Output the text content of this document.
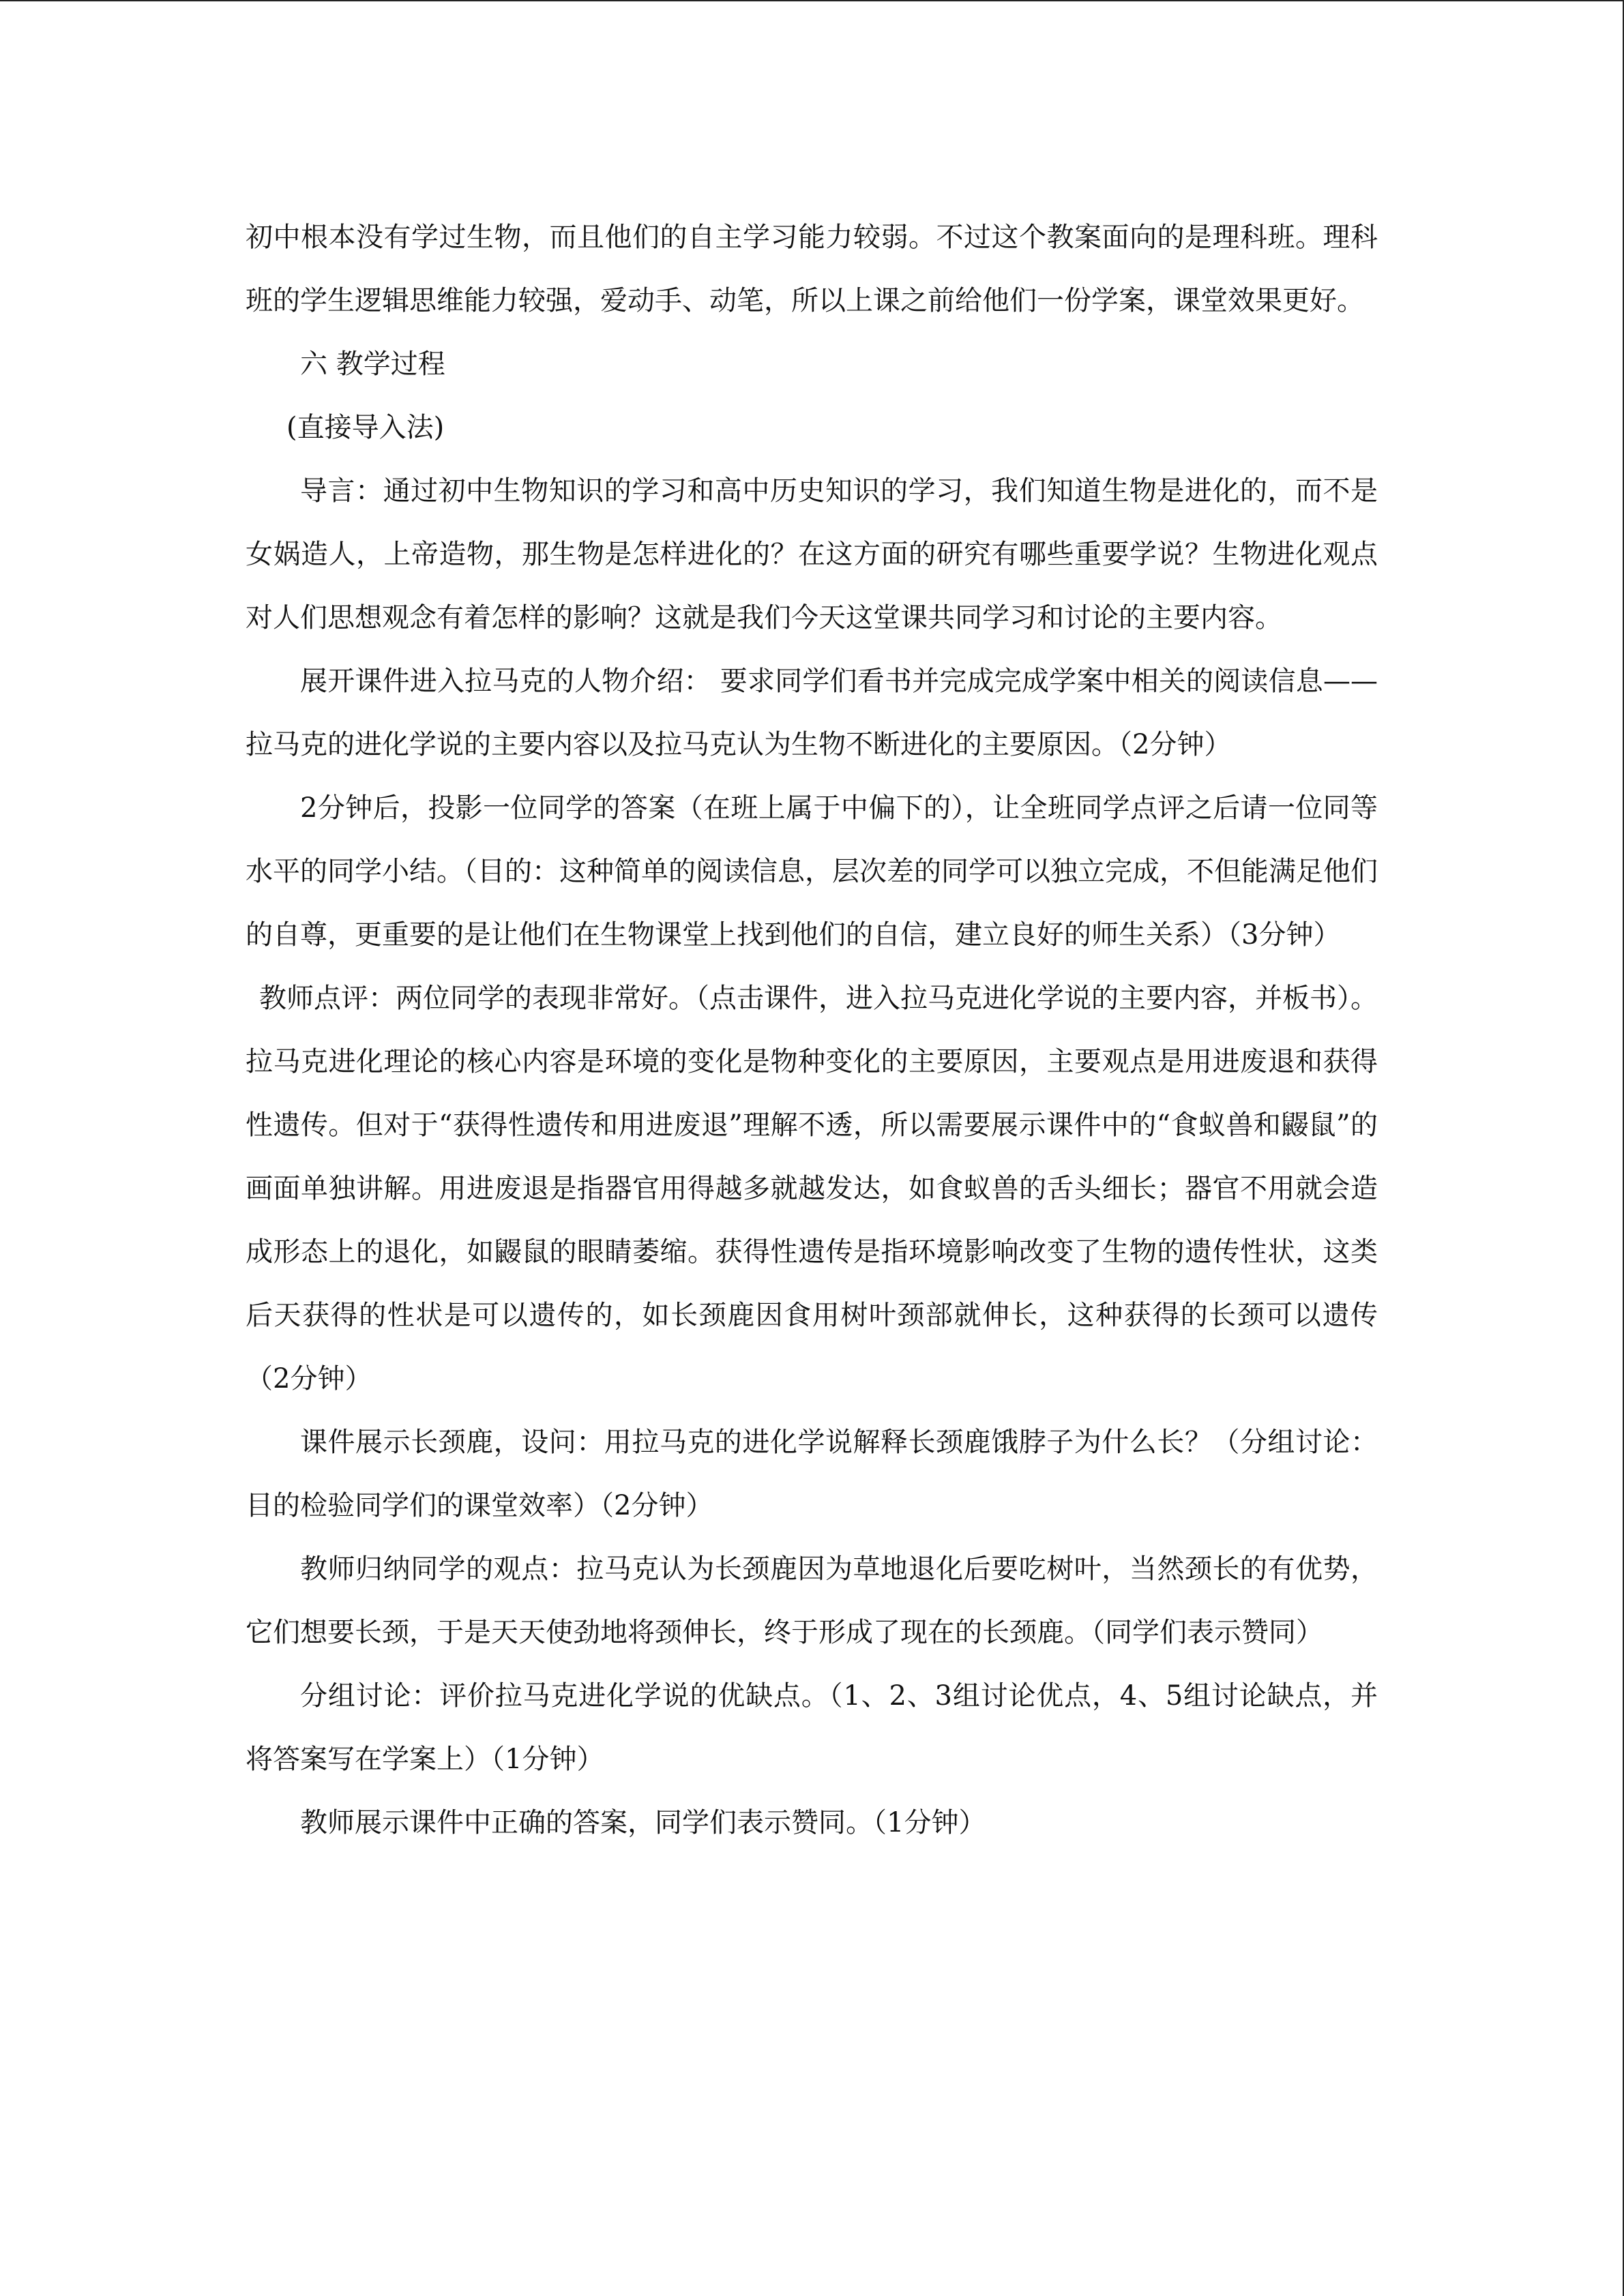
初中根本没有学过生物，而且他们的自主学习能力较弱。不过这个教案面向的是理科班。理科班的学生逻辑思维能力较强，爱动手、动笔，所以上课之前给他们一份学案，课堂效果更好。

六 教学过程

(直接导入法)

导言：通过初中生物知识的学习和高中历史知识的学习，我们知道生物是进化的，而不是女娲造人，上帝造物，那生物是怎样进化的？在这方面的研究有哪些重要学说？生物进化观点对人们思想观念有着怎样的影响？这就是我们今天这堂课共同学习和讨论的主要内容。

展开课件进入拉马克的人物介绍： 要求同学们看书并完成完成学案中相关的阅读信息——拉马克的进化学说的主要内容以及拉马克认为生物不断进化的主要原因。（2分钟）

2分钟后，投影一位同学的答案（在班上属于中偏下的），让全班同学点评之后请一位同等水平的同学小结。（目的：这种简单的阅读信息，层次差的同学可以独立完成，不但能满足他们的自尊，更重要的是让他们在生物课堂上找到他们的自信，建立良好的师生关系）（3分钟）

教师点评：两位同学的表现非常好。（点击课件，进入拉马克进化学说的主要内容，并板书）。拉马克进化理论的核心内容是环境的变化是物种变化的主要原因，主要观点是用进废退和获得性遗传。但对于“获得性遗传和用进废退”理解不透，所以需要展示课件中的“食蚁兽和鼹鼠”的画面单独讲解。用进废退是指器官用得越多就越发达，如食蚁兽的舌头细长；器官不用就会造成形态上的退化，如鼹鼠的眼睛萎缩。获得性遗传是指环境影响改变了生物的遗传性状，这类后天获得的性状是可以遗传的，如长颈鹿因食用树叶颈部就伸长，这种获得的长颈可以遗传（2分钟）

课件展示长颈鹿，设问：用拉马克的进化学说解释长颈鹿饿脖子为什么长？（分组讨论：目的检验同学们的课堂效率）（2分钟）

教师归纳同学的观点：拉马克认为长颈鹿因为草地退化后要吃树叶，当然颈长的有优势，它们想要长颈，于是天天使劲地将颈伸长，终于形成了现在的长颈鹿。（同学们表示赞同）

分组讨论：评价拉马克进化学说的优缺点。（1、2、3组讨论优点，4、5组讨论缺点，并将答案写在学案上）（1分钟）

教师展示课件中正确的答案，同学们表示赞同。（1分钟）
